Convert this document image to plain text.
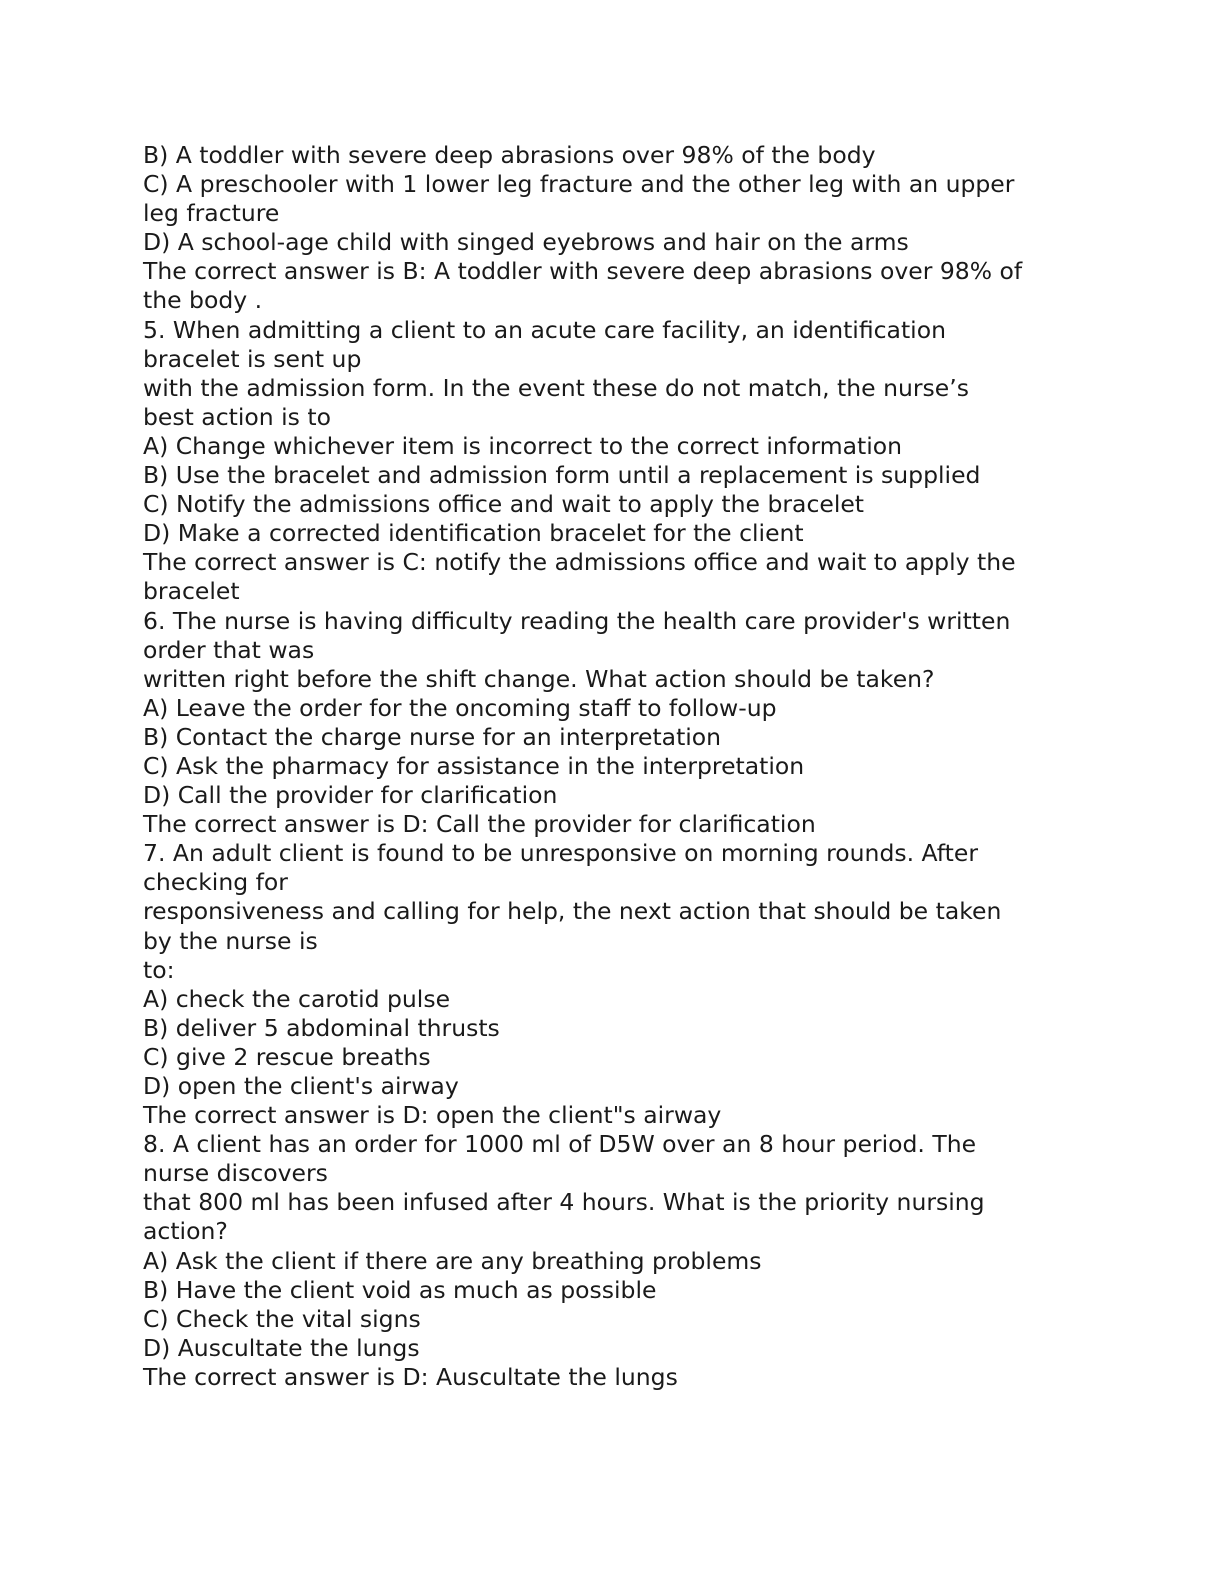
B) A toddler with severe deep abrasions over 98% of the body
C) A preschooler with 1 lower leg fracture and the other leg with an upper
leg fracture
D) A school-age child with singed eyebrows and hair on the arms
The correct answer is B: A toddler with severe deep abrasions over 98% of
the body .
5. When admitting a client to an acute care facility, an identification
bracelet is sent up
with the admission form. In the event these do not match, the nurse’s
best action is to
A) Change whichever item is incorrect to the correct information
B) Use the bracelet and admission form until a replacement is supplied
C) Notify the admissions office and wait to apply the bracelet
D) Make a corrected identification bracelet for the client
The correct answer is C: notify the admissions office and wait to apply the
bracelet
6. The nurse is having difficulty reading the health care provider's written
order that was
written right before the shift change. What action should be taken?
A) Leave the order for the oncoming staff to follow-up
B) Contact the charge nurse for an interpretation
C) Ask the pharmacy for assistance in the interpretation
D) Call the provider for clarification
The correct answer is D: Call the provider for clarification
7. An adult client is found to be unresponsive on morning rounds. After
checking for
responsiveness and calling for help, the next action that should be taken
by the nurse is
to:
A) check the carotid pulse
B) deliver 5 abdominal thrusts
C) give 2 rescue breaths
D) open the client's airway
The correct answer is D: open the client"s airway
8. A client has an order for 1000 ml of D5W over an 8 hour period. The
nurse discovers
that 800 ml has been infused after 4 hours. What is the priority nursing
action?
A) Ask the client if there are any breathing problems
B) Have the client void as much as possible
C) Check the vital signs
D) Auscultate the lungs
The correct answer is D: Auscultate the lungs
